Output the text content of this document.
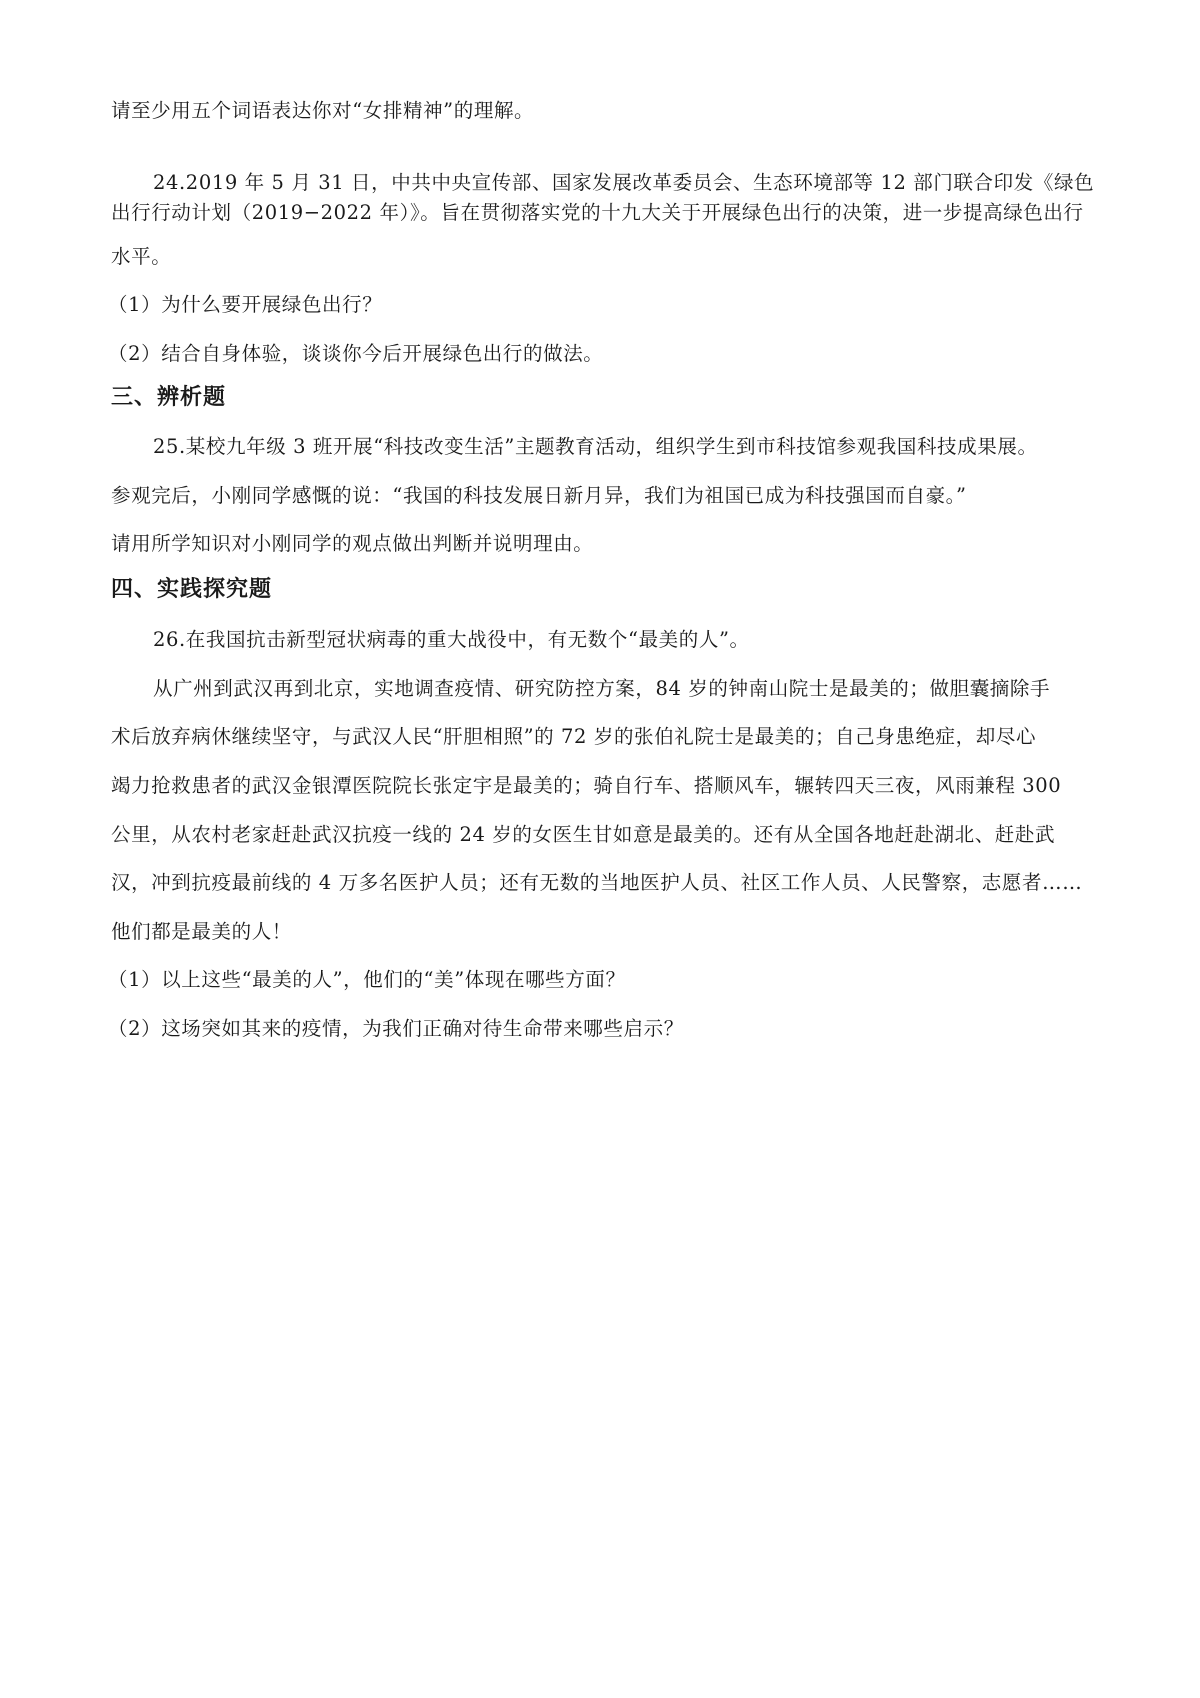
请至少用五个词语表达你对“女排精神”的理解。
24.2019 年 5 月 31 日，中共中央宣传部、国家发展改革委员会、生态环境部等 12 部门联合印发《绿色
出行行动计划（2019−2022 年）》。旨在贯彻落实党的十九大关于开展绿色出行的决策，进一步提高绿色出行
水平。
（1）为什么要开展绿色出行？
（2）结合自身体验，谈谈你今后开展绿色出行的做法。
三、辨析题
25.某校九年级 3 班开展“科技改变生活”主题教育活动，组织学生到市科技馆参观我国科技成果展。
参观完后，小刚同学感慨的说：“我国的科技发展日新月异，我们为祖国已成为科技强国而自豪。”
请用所学知识对小刚同学的观点做出判断并说明理由。
四、实践探究题
26.在我国抗击新型冠状病毒的重大战役中，有无数个“最美的人”。
从广州到武汉再到北京，实地调查疫情、研究防控方案，84 岁的钟南山院士是最美的；做胆囊摘除手
术后放弃病休继续坚守，与武汉人民“肝胆相照”的 72 岁的张伯礼院士是最美的；自己身患绝症，却尽心
竭力抢救患者的武汉金银潭医院院长张定宇是最美的；骑自行车、搭顺风车，辗转四天三夜，风雨兼程 300
公里，从农村老家赶赴武汉抗疫一线的 24 岁的女医生甘如意是最美的。还有从全国各地赶赴湖北、赶赴武
汉，冲到抗疫最前线的 4 万多名医护人员；还有无数的当地医护人员、社区工作人员、人民警察，志愿者……
他们都是最美的人！
（1）以上这些“最美的人”，他们的“美”体现在哪些方面？
（2）这场突如其来的疫情，为我们正确对待生命带来哪些启示？
